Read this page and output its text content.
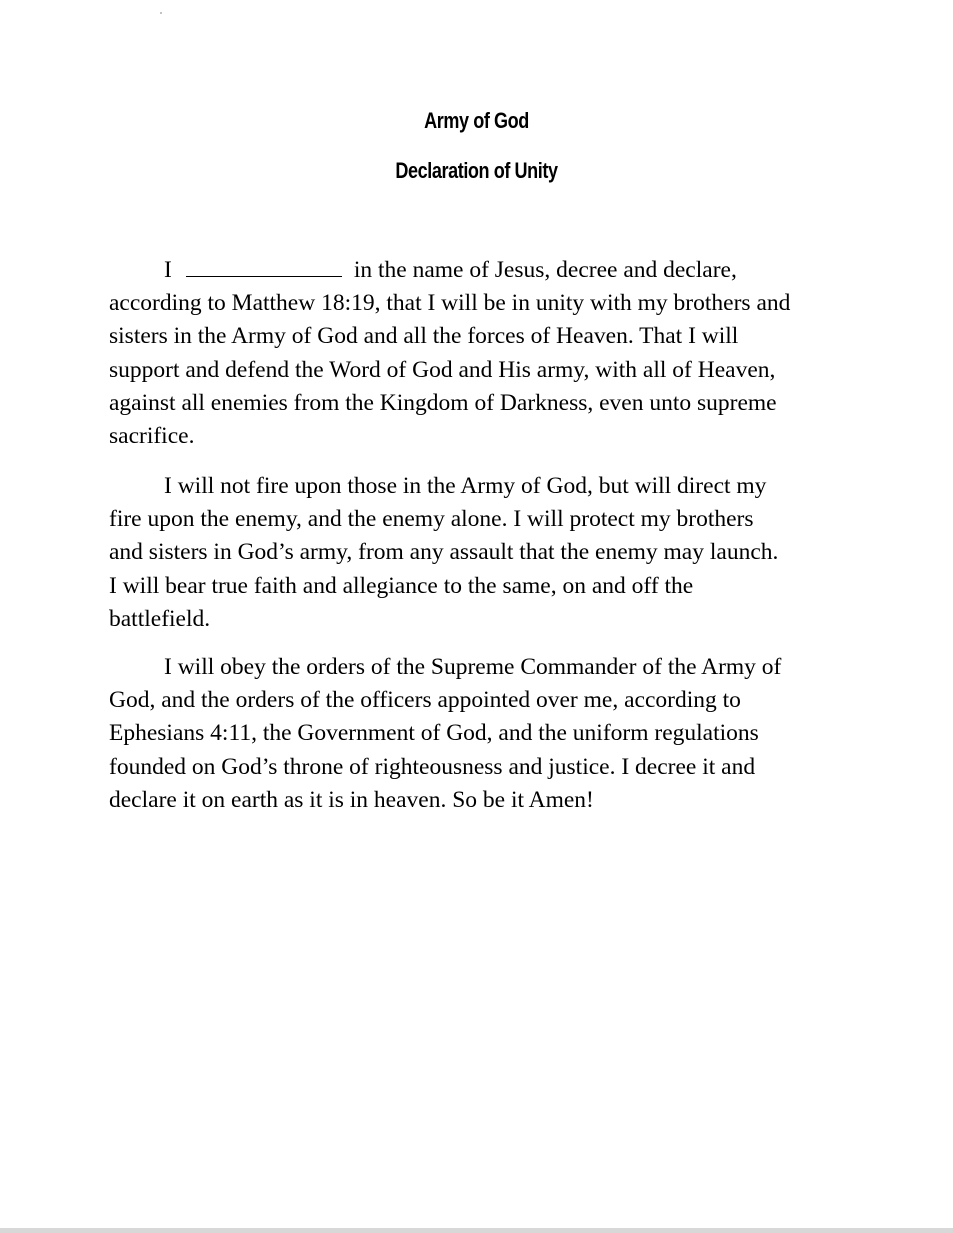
Army of God
Declaration of Unity
I	in the name of Jesus, decree and declare,
according to Matthew 18:19, that I will be in unity with my brothers and
sisters in the Army of God and all the forces of Heaven. That I will
support and defend the Word of God and His army, with all of Heaven,
against all enemies from the Kingdom of Darkness, even unto supreme
sacrifice.
I will not fire upon those in the Army of God, but will direct my
fire upon the enemy, and the enemy alone. I will protect my brothers
and sisters in God’s army, from any assault that the enemy may launch.
I will bear true faith and allegiance to the same, on and off the
battlefield.
I will obey the orders of the Supreme Commander of the Army of
God, and the orders of the officers appointed over me, according to
Ephesians 4:11, the Government of God, and the uniform regulations
founded on God’s throne of righteousness and justice. I decree it and
declare it on earth as it is in heaven. So be it Amen!
